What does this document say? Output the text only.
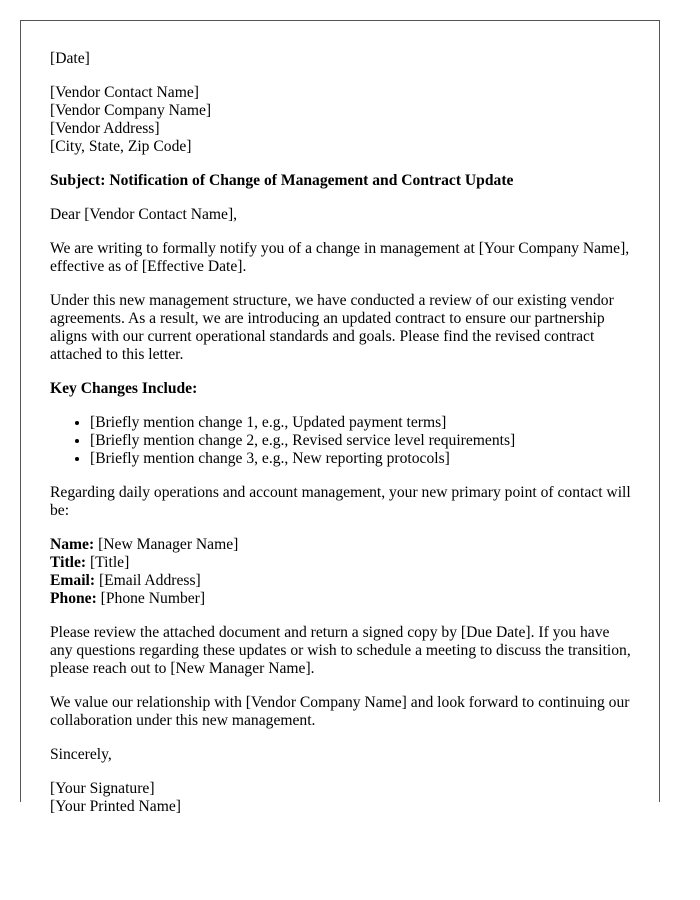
[Date]

[Vendor Contact Name]
[Vendor Company Name]
[Vendor Address]
[City, State, Zip Code]

Subject: Notification of Change of Management and Contract Update

Dear [Vendor Contact Name],

We are writing to formally notify you of a change in management at [Your Company Name], effective as of [Effective Date].

Under this new management structure, we have conducted a review of our existing vendor agreements. As a result, we are introducing an updated contract to ensure our partnership aligns with our current operational standards and goals. Please find the revised contract attached to this letter.

Key Changes Include:

• [Briefly mention change 1, e.g., Updated payment terms]
• [Briefly mention change 2, e.g., Revised service level requirements]
• [Briefly mention change 3, e.g., New reporting protocols]

Regarding daily operations and account management, your new primary point of contact will be:

Name: [New Manager Name]
Title: [Title]
Email: [Email Address]
Phone: [Phone Number]

Please review the attached document and return a signed copy by [Due Date]. If you have any questions regarding these updates or wish to schedule a meeting to discuss the transition, please reach out to [New Manager Name].

We value our relationship with [Vendor Company Name] and look forward to continuing our collaboration under this new management.

Sincerely,

[Your Signature]
[Your Printed Name]
